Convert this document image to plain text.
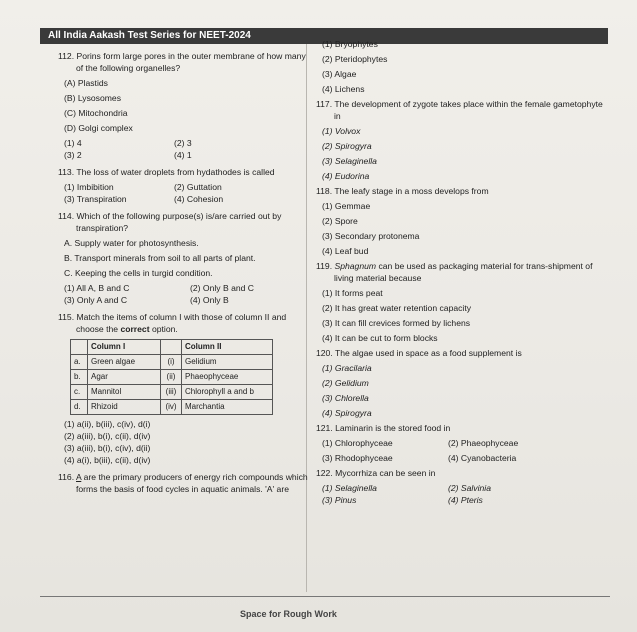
All India Aakash Test Series for NEET-2024

112. Porins form large pores in the outer membrane of how many of the following organelles?

(A) Plastids

(B) Lysosomes

(C) Mitochondria

(D) Golgi complex

(1) 4	(2) 3
(3) 2	(4) 1

113. The loss of water droplets from hydathodes is called

(1) Imbibition	(2) Guttation
(3) Transpiration	(4) Cohesion

114. Which of the following purpose(s) is/are carried out by transpiration?

A. Supply water for photosynthesis.

B. Transport minerals from soil to all parts of plant.

C. Keeping the cells in turgid condition.

(1) All A, B and C	(2) Only B and C
(3) Only A and C	(4) Only B

115. Match the items of column I with those of column II and choose the correct option.

	Column I		Column II
a.	Green algae	(i)	Gelidium
b.	Agar	(ii)	Phaeophyceae
c.	Mannitol	(iii)	Chlorophyll a and b
d.	Rhizoid	(iv)	Marchantia

(1) a(ii), b(iii), c(iv), d(i)

(2) a(iii), b(i), c(ii), d(iv)

(3) a(iii), b(i), c(iv), d(ii)

(4) a(i), b(iii), c(ii), d(iv)

116. A are the primary producers of energy rich compounds which forms the basis of food cycles in aquatic animals. 'A' are

(1) Bryophytes

(2) Pteridophytes

(3) Algae

(4) Lichens

117. The development of zygote takes place within the female gametophyte in

(1) Volvox

(2) Spirogyra

(3) Selaginella

(4) Eudorina

118. The leafy stage in a moss develops from

(1) Gemmae

(2) Spore

(3) Secondary protonema

(4) Leaf bud

119. Sphagnum can be used as packaging material for trans-shipment of living material because

(1) It forms peat

(2) It has great water retention capacity

(3) It can fill crevices formed by lichens

(4) It can be cut to form blocks

120. The algae used in space as a food supplement is

(1) Gracilaria

(2) Gelidium

(3) Chlorella

(4) Spirogyra

121. Laminarin is the stored food in

(1) Chlorophyceae	(2) Phaeophyceae
(3) Rhodophyceae	(4) Cyanobacteria

122. Mycorrhiza can be seen in

(1) Selaginella	(2) Salvinia
(3) Pinus	(4) Pteris
Space for Rough Work
